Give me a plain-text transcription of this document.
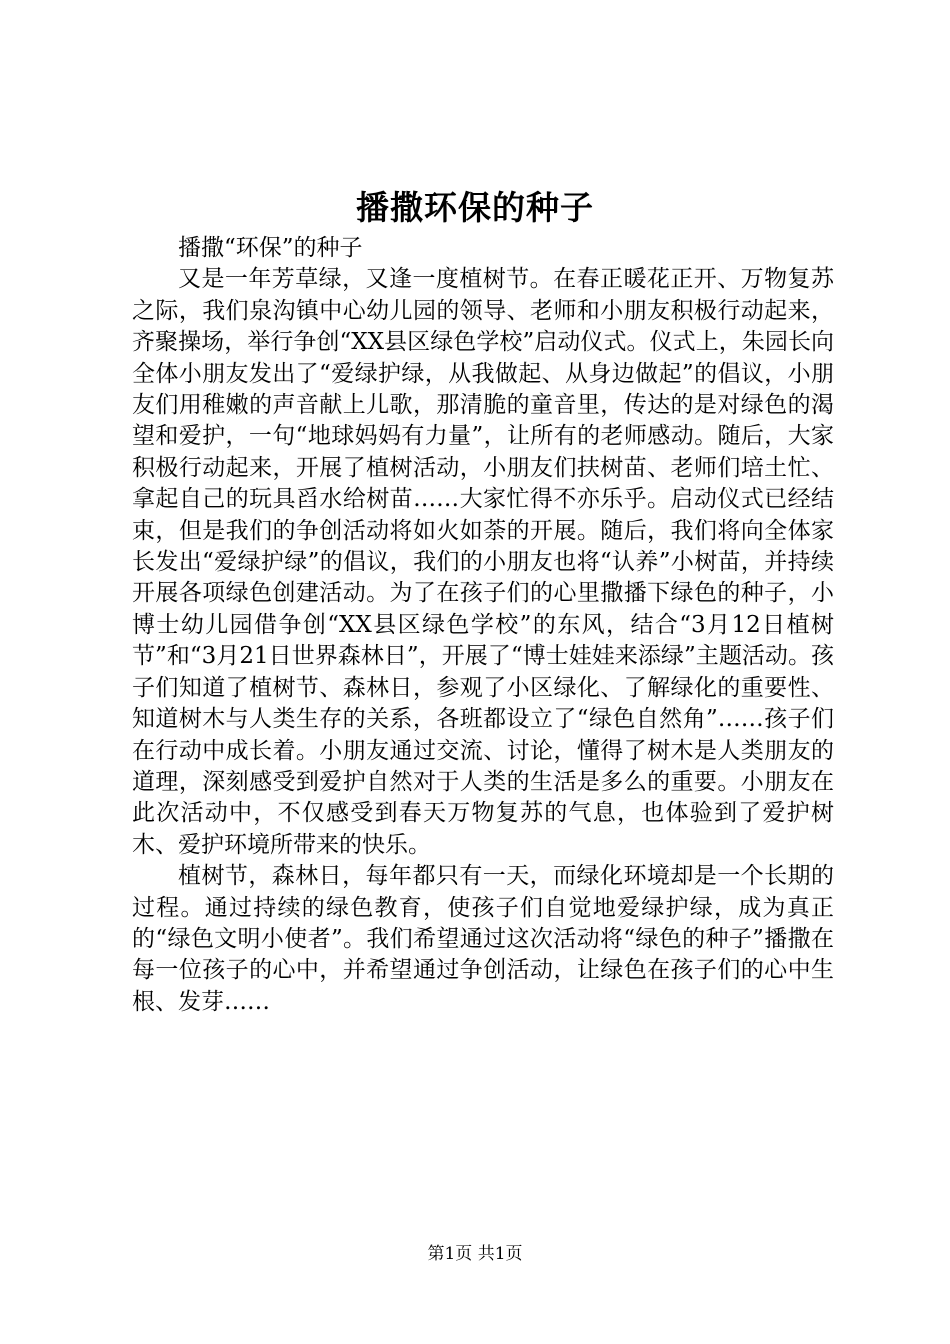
播撒环保的种子

播撒“环保”的种子

又是一年芳草绿，又逢一度植树节。在春正暖花正开、万物复苏之际，我们泉沟镇中心幼儿园的领导、老师和小朋友积极行动起来，齐聚操场，举行争创“XX县区绿色学校”启动仪式。仪式上，朱园长向全体小朋友发出了“爱绿护绿，从我做起、从身边做起”的倡议，小朋友们用稚嫩的声音献上儿歌，那清脆的童音里，传达的是对绿色的渴望和爱护，一句“地球妈妈有力量”，让所有的老师感动。随后，大家积极行动起来，开展了植树活动，小朋友们扶树苗、老师们培土忙、拿起自己的玩具舀水给树苗……大家忙得不亦乐乎。启动仪式已经结束，但是我们的争创活动将如火如荼的开展。随后，我们将向全体家长发出“爱绿护绿”的倡议，我们的小朋友也将“认养”小树苗，并持续开展各项绿色创建活动。为了在孩子们的心里撒播下绿色的种子，小博士幼儿园借争创“XX县区绿色学校”的东风，结合“3月12日植树节”和“3月21日世界森林日”，开展了“博士娃娃来添绿”主题活动。孩子们知道了植树节、森林日，参观了小区绿化、了解绿化的重要性、知道树木与人类生存的关系，各班都设立了“绿色自然角”……孩子们在行动中成长着。小朋友通过交流、讨论，懂得了树木是人类朋友的道理，深刻感受到爱护自然对于人类的生活是多么的重要。小朋友在此次活动中，不仅感受到春天万物复苏的气息，也体验到了爱护树木、爱护环境所带来的快乐。

植树节，森林日，每年都只有一天，而绿化环境却是一个长期的过程。通过持续的绿色教育，使孩子们自觉地爱绿护绿，成为真正的“绿色文明小使者”。我们希望通过这次活动将“绿色的种子”播撒在每一位孩子的心中，并希望通过争创活动，让绿色在孩子们的心中生根、发芽……

第1页 共1页
